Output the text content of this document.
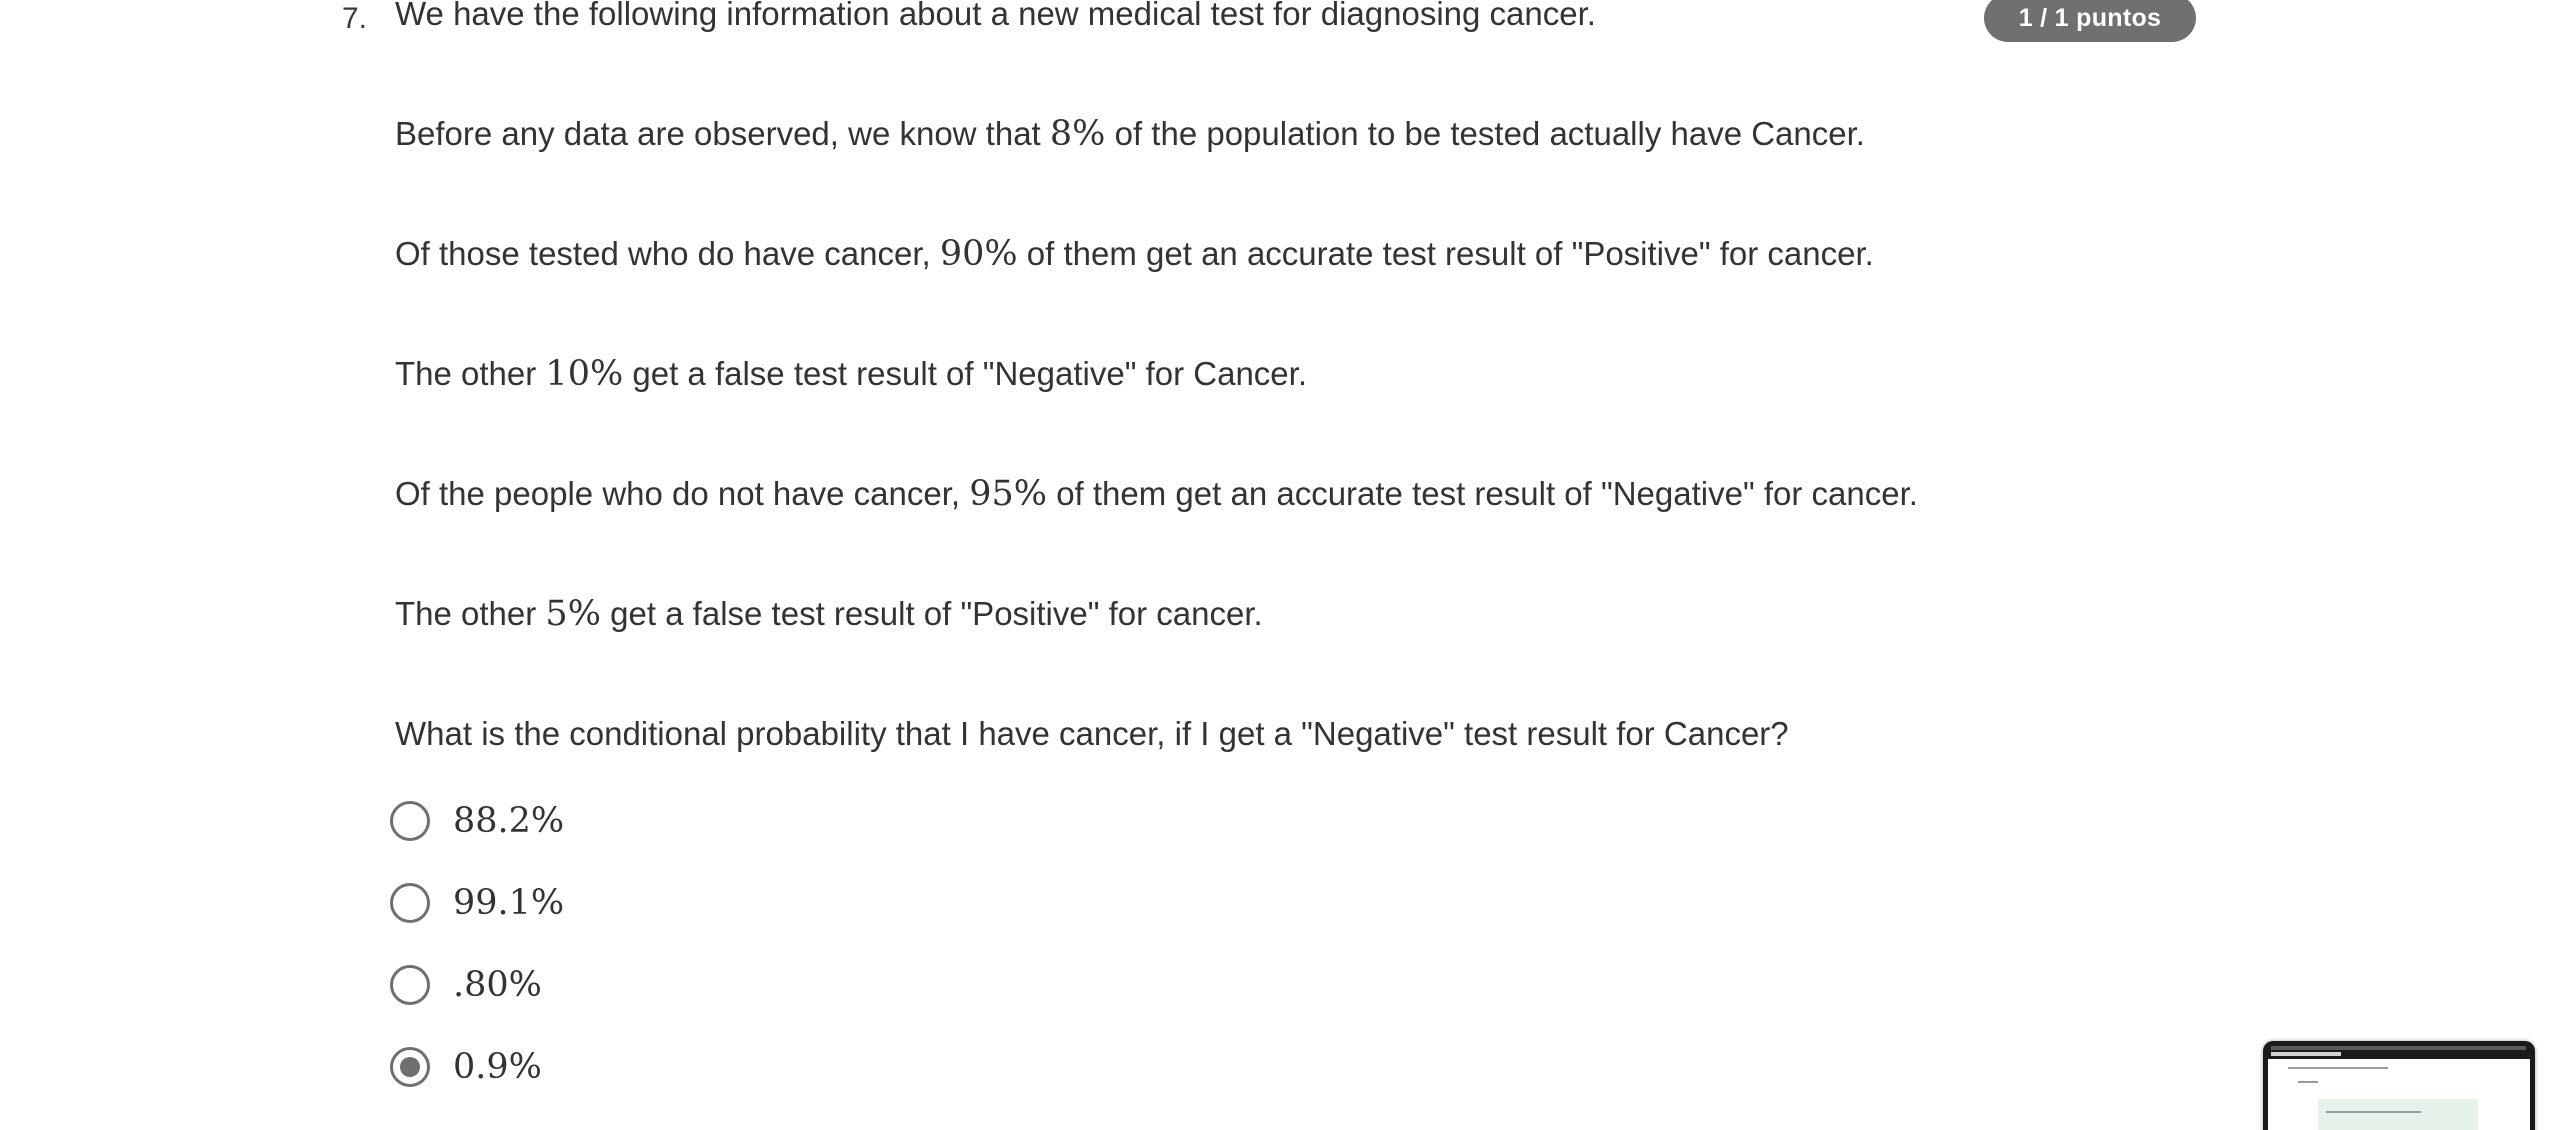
7. We have the following information about a new medical test for diagnosing cancer.	1 / 1 puntos
Before any data are observed, we know that 8% of the population to be tested actually have Cancer.
Of those tested who do have cancer, 90% of them get an accurate test result of "Positive" for cancer.
The other 10% get a false test result of "Negative" for Cancer.
Of the people who do not have cancer, 95% of them get an accurate test result of "Negative" for cancer.
The other 5% get a false test result of "Positive" for cancer.
What is the conditional probability that I have cancer, if I get a "Negative" test result for Cancer?
88.2%
99.1%
.80%
0.9%
